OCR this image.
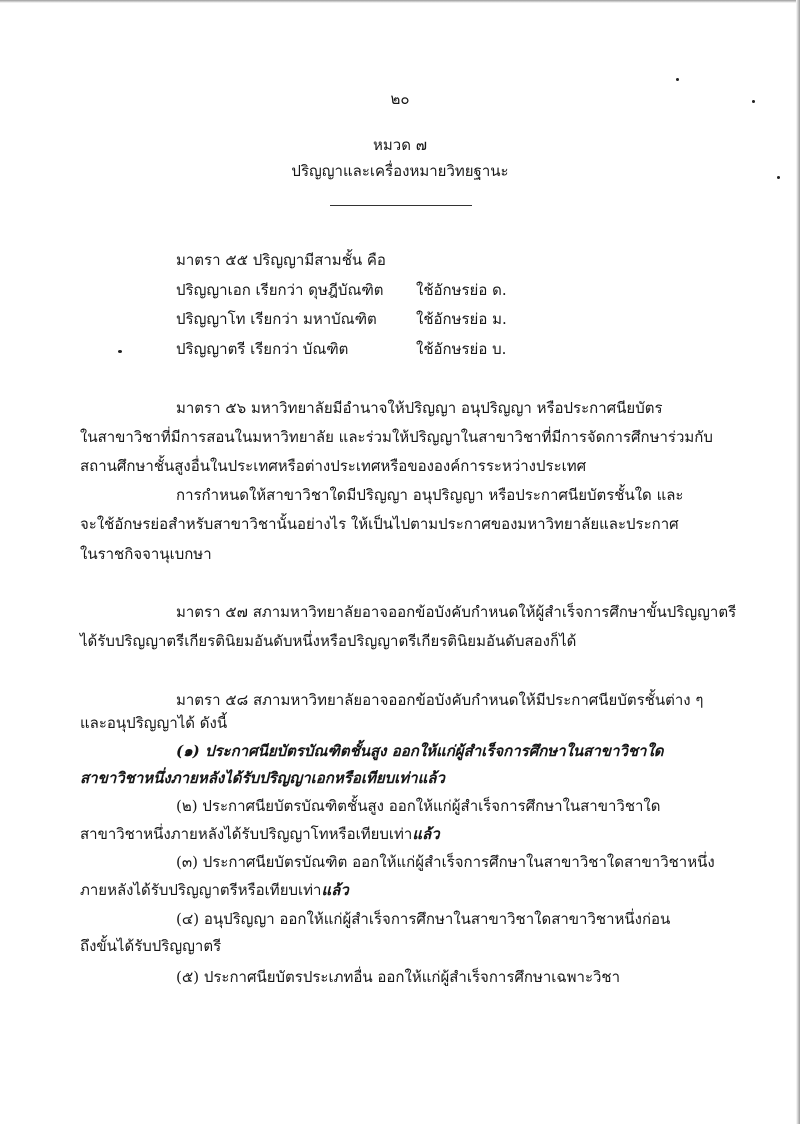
๒๐
หมวด ๗
ปริญญาและเครื่องหมายวิทยฐานะ
มาตรา ๕๕ ปริญญามีสามชั้น คือ
ปริญญาเอก เรียกว่า ดุษฎีบัณฑิต ใช้อักษรย่อ ด.
ปริญญาโท เรียกว่า มหาบัณฑิต	ใช้อักษรย่อ ม.
ปริญญาตรี เรียกว่า บัณฑิต	ใช้อักษรย่อ บ.
มาตรา ๕๖ มหาวิทยาลัยมีอำนาจให้ปริญญา อนุปริญญา หรือประกาศนียบัตร
ในสาขาวิชาที่มีการสอนในมหาวิทยาลัย และร่วมให้ปริญญาในสาขาวิชาที่มีการจัดการศึกษาร่วมกับ
สถานศึกษาชั้นสูงอื่นในประเทศหรือต่างประเทศหรือขององค์การระหว่างประเทศ
การกำหนดให้สาขาวิชาใดมีปริญญา อนุปริญญา หรือประกาศนียบัตรชั้นใด และ
จะใช้อักษรย่อสำหรับสาขาวิชานั้นอย่างไร ให้เป็นไปตามประกาศของมหาวิทยาลัยและประกาศ
ในราชกิจจานุเบกษา
มาตรา ๕๗ สภามหาวิทยาลัยอาจออกข้อบังคับกำหนดให้ผู้สำเร็จการศึกษาขั้นปริญญาตรี
ได้รับปริญญาตรีเกียรตินิยมอันดับหนึ่งหรือปริญญาตรีเกียรตินิยมอันดับสองก็ได้
มาตรา ๕๘ สภามหาวิทยาลัยอาจออกข้อบังคับกำหนดให้มีประกาศนียบัตรชั้นต่าง ๆ
และอนุปริญญาได้ ดังนี้
(๑) ประกาศนียบัตรบัณฑิตชั้นสูง ออกให้แก่ผู้สำเร็จการศึกษาในสาขาวิชาใด
สาขาวิชาหนึ่งภายหลังได้รับปริญญาเอกหรือเทียบเท่าแล้ว
(๒) ประกาศนียบัตรบัณฑิตชั้นสูง ออกให้แก่ผู้สำเร็จการศึกษาในสาขาวิชาใด
สาขาวิชาหนึ่งภายหลังได้รับปริญญาโทหรือเทียบเท่าแล้ว
(๓) ประกาศนียบัตรบัณฑิต ออกให้แก่ผู้สำเร็จการศึกษาในสาขาวิชาใดสาขาวิชาหนึ่ง
ภายหลังได้รับปริญญาตรีหรือเทียบเท่าแล้ว
(๔) อนุปริญญา ออกให้แก่ผู้สำเร็จการศึกษาในสาขาวิชาใดสาขาวิชาหนึ่งก่อน
ถึงขั้นได้รับปริญญาตรี
(๕) ประกาศนียบัตรประเภทอื่น ออกให้แก่ผู้สำเร็จการศึกษาเฉพาะวิชา
